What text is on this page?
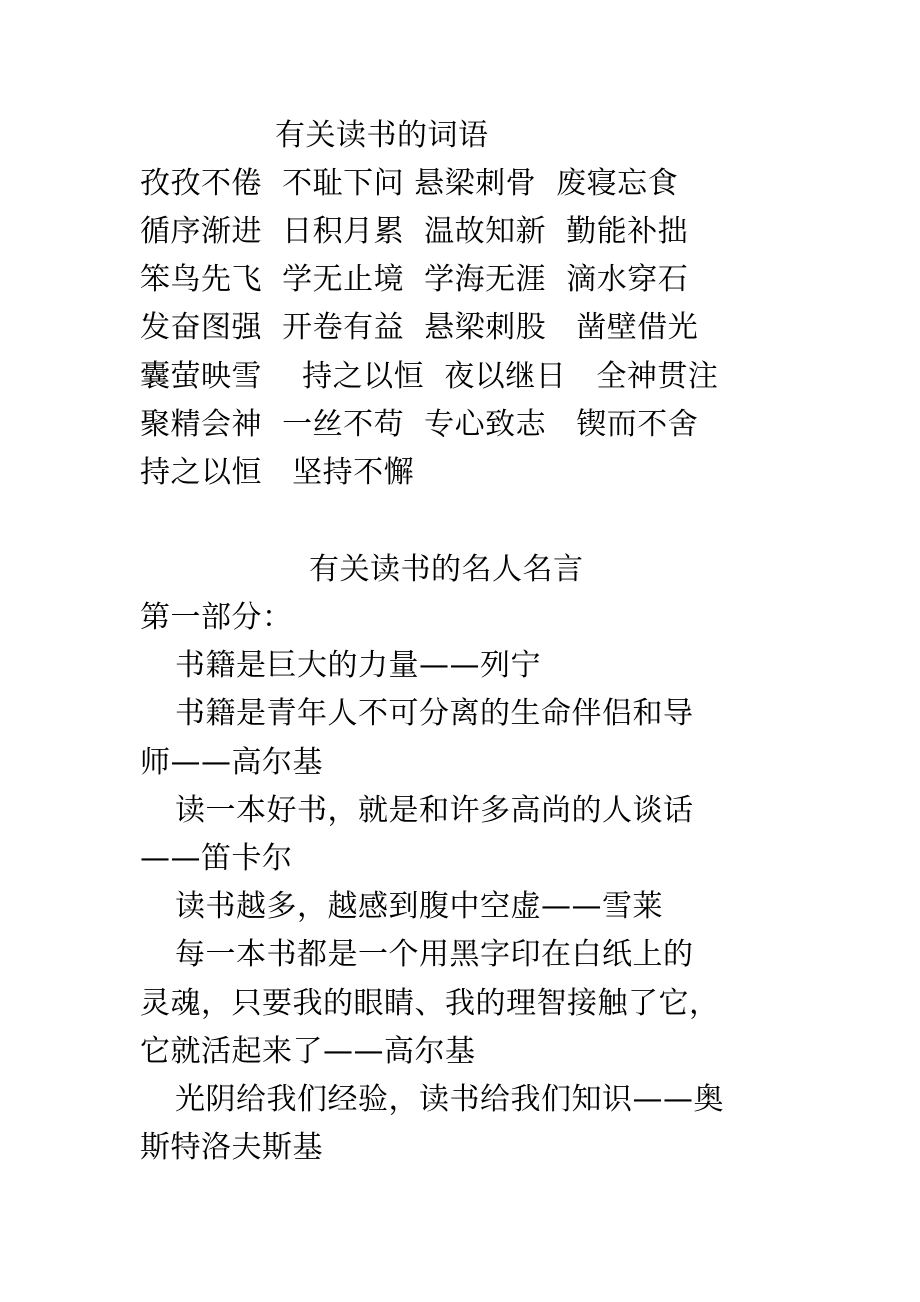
有关读书的词语
孜孜不倦  不耻下问 悬梁刺骨  废寝忘食
循序渐进  日积月累  温故知新  勤能补拙
笨鸟先飞  学无止境  学海无涯  滴水穿石
发奋图强  开卷有益  悬梁刺股   凿壁借光
囊萤映雪    持之以恒  夜以继日   全神贯注
聚精会神  一丝不苟  专心致志   锲而不舍
持之以恒   坚持不懈
有关读书的名人名言
第一部分：
书籍是巨大的力量——列宁
书籍是青年人不可分离的生命伴侣和导
师——高尔基
读一本好书，就是和许多高尚的人谈话
——笛卡尔
读书越多，越感到腹中空虚——雪莱
每一本书都是一个用黑字印在白纸上的
灵魂，只要我的眼睛、我的理智接触了它，
它就活起来了——高尔基
光阴给我们经验，读书给我们知识——奥
斯特洛夫斯基
